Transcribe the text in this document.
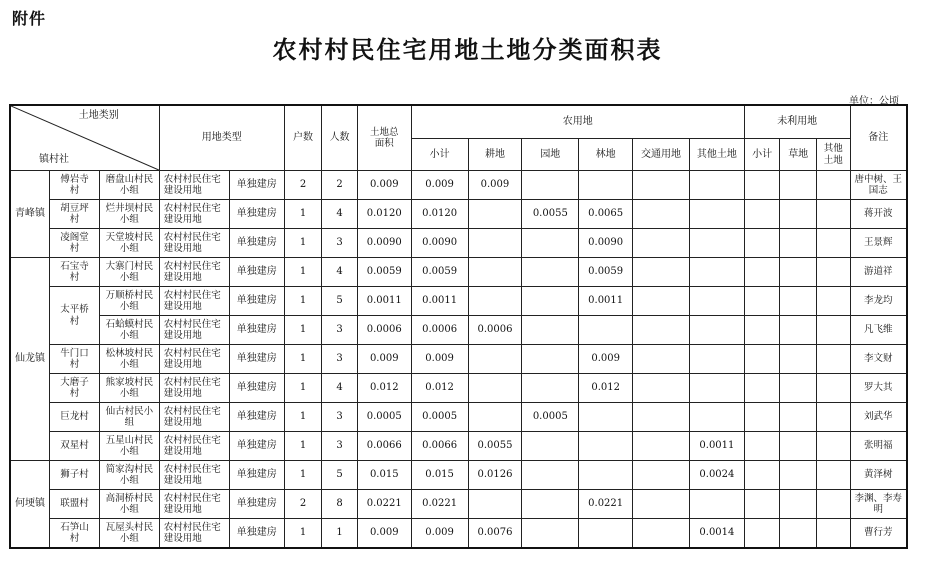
附件
农村村民住宅用地土地分类面积表
单位：公顷
土地类别
镇村社			用地类型		户数	人数	土地总面积	农用地						未利用地			备注
								小计	耕地	园地	林地	交通用地	其他土地	小计	草地	其他土地	
青峰镇	傅岩寺村	磨盘山村民小组	农村村民住宅建设用地	单独建房	2	2	0.009	0.009	0.009								唐中树、王国志
	胡豆坪村	烂井坝村民小组	农村村民住宅建设用地	单独建房	1	4	0.0120	0.0120		0.0055	0.0065						蒋开波
	凌阁堂村	天堂坡村民小组	农村村民住宅建设用地	单独建房	1	3	0.0090	0.0090			0.0090						王景辉
仙龙镇	石宝寺村	大寨门村民小组	农村村民住宅建设用地	单独建房	1	4	0.0059	0.0059			0.0059						游道祥
	太平桥村	万顺桥村民小组	农村村民住宅建设用地	单独建房	1	5	0.0011	0.0011			0.0011						李龙均
		石蛤蟆村民小组	农村村民住宅建设用地	单独建房	1	3	0.0006	0.0006	0.0006								凡飞维
	牛门口村	松林坡村民小组	农村村民住宅建设用地	单独建房	1	3	0.009	0.009			0.009						李文财
	大磨子村	熊家坡村民小组	农村村民住宅建设用地	单独建房	1	4	0.012	0.012			0.012						罗大其
	巨龙村	仙古村民小组	农村村民住宅建设用地	单独建房	1	3	0.0005	0.0005		0.0005							刘武华
	双星村	五星山村民小组	农村村民住宅建设用地	单独建房	1	3	0.0066	0.0066	0.0055				0.0011				张明福
何埂镇	狮子村	简家沟村民小组	农村村民住宅建设用地	单独建房	1	5	0.015	0.015	0.0126				0.0024				黄泽树
	联盟村	高洞桥村民小组	农村村民住宅建设用地	单独建房	2	8	0.0221	0.0221			0.0221						李渊、李寿明
	石笋山村	瓦屋头村民小组	农村村民住宅建设用地	单独建房	1	1	0.009	0.009	0.0076				0.0014				曹行芳
